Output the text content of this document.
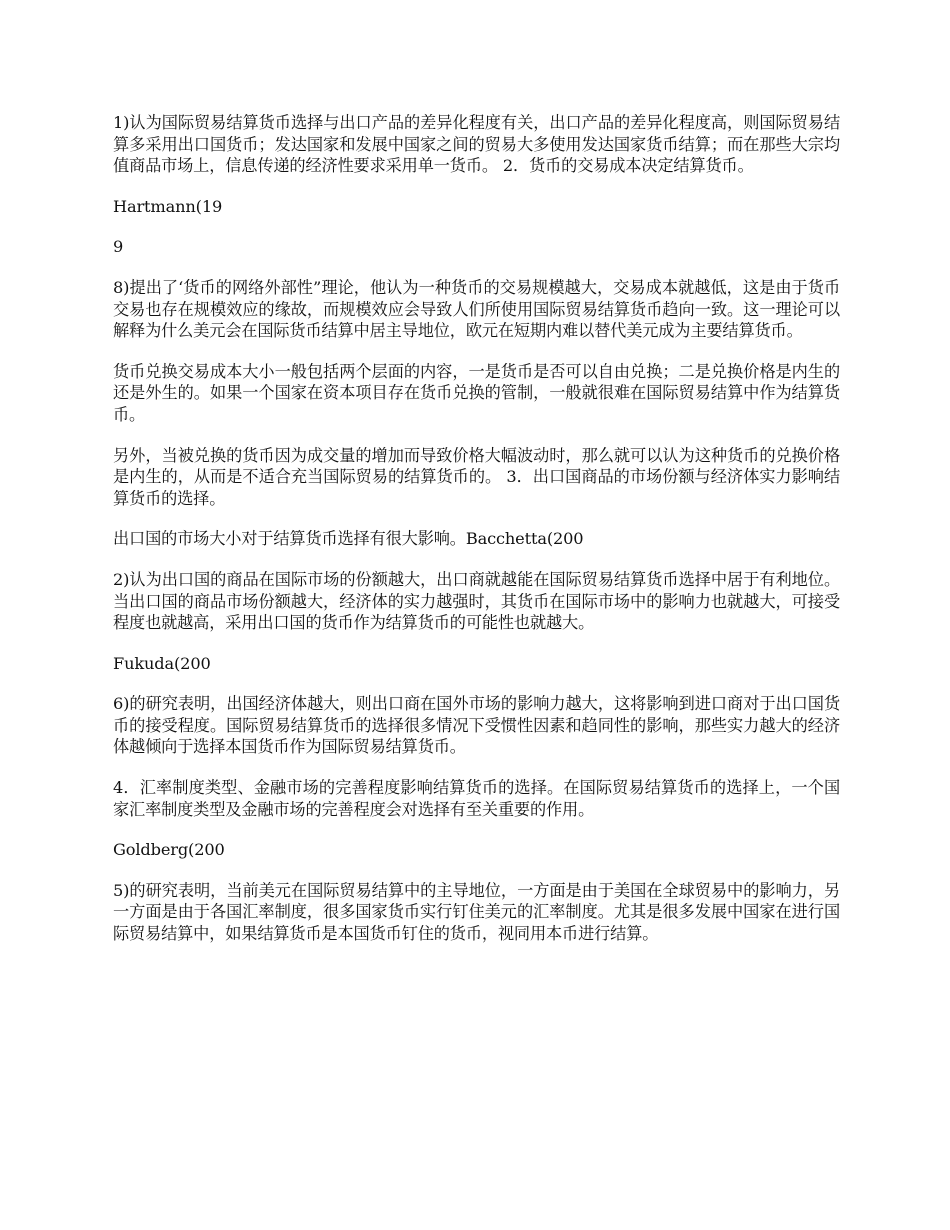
1)认为国际贸易结算货币选择与出口产品的差异化程度有关，出口产品的差异化程度高，则国际贸易结算多采用出口国货币；发达国家和发展中国家之间的贸易大多使用发达国家货币结算；而在那些大宗均值商品市场上，信息传递的经济性要求采用单一货币。 2．货币的交易成本决定结算货币。

Hartmann(19

9

8)提出了‘货币的网络外部性”理论，他认为一种货币的交易规模越大，交易成本就越低，这是由于货币交易也存在规模效应的缘故，而规模效应会导致人们所使用国际贸易结算货币趋向一致。这一理论可以解释为什么美元会在国际货币结算中居主导地位，欧元在短期内难以替代美元成为主要结算货币。

货币兑换交易成本大小一般包括两个层面的内容，一是货币是否可以自由兑换；二是兑换价格是内生的还是外生的。如果一个国家在资本项目存在货币兑换的管制，一般就很难在国际贸易结算中作为结算货币。

另外，当被兑换的货币因为成交量的增加而导致价格大幅波动时，那么就可以认为这种货币的兑换价格是内生的，从而是不适合充当国际贸易的结算货币的。 3．出口国商品的市场份额与经济体实力影响结算货币的选择。

出口国的市场大小对于结算货币选择有很大影响。Bacchetta(200

2)认为出口国的商品在国际市场的份额越大，出口商就越能在国际贸易结算货币选择中居于有利地位。当出口国的商品市场份额越大，经济体的实力越强时，其货币在国际市场中的影响力也就越大，可接受程度也就越高，采用出口国的货币作为结算货币的可能性也就越大。

Fukuda(200

6)的研究表明，出国经济体越大，则出口商在国外市场的影响力越大，这将影响到进口商对于出口国货币的接受程度。国际贸易结算货币的选择很多情况下受惯性因素和趋同性的影响，那些实力越大的经济体越倾向于选择本国货币作为国际贸易结算货币。

4．汇率制度类型、金融市场的完善程度影响结算货币的选择。在国际贸易结算货币的选择上，一个国家汇率制度类型及金融市场的完善程度会对选择有至关重要的作用。

Goldberg(200

5)的研究表明，当前美元在国际贸易结算中的主导地位，一方面是由于美国在全球贸易中的影响力，另一方面是由于各国汇率制度，很多国家货币实行钉住美元的汇率制度。尤其是很多发展中国家在进行国际贸易结算中，如果结算货币是本国货币钉住的货币，视同用本币进行结算。
